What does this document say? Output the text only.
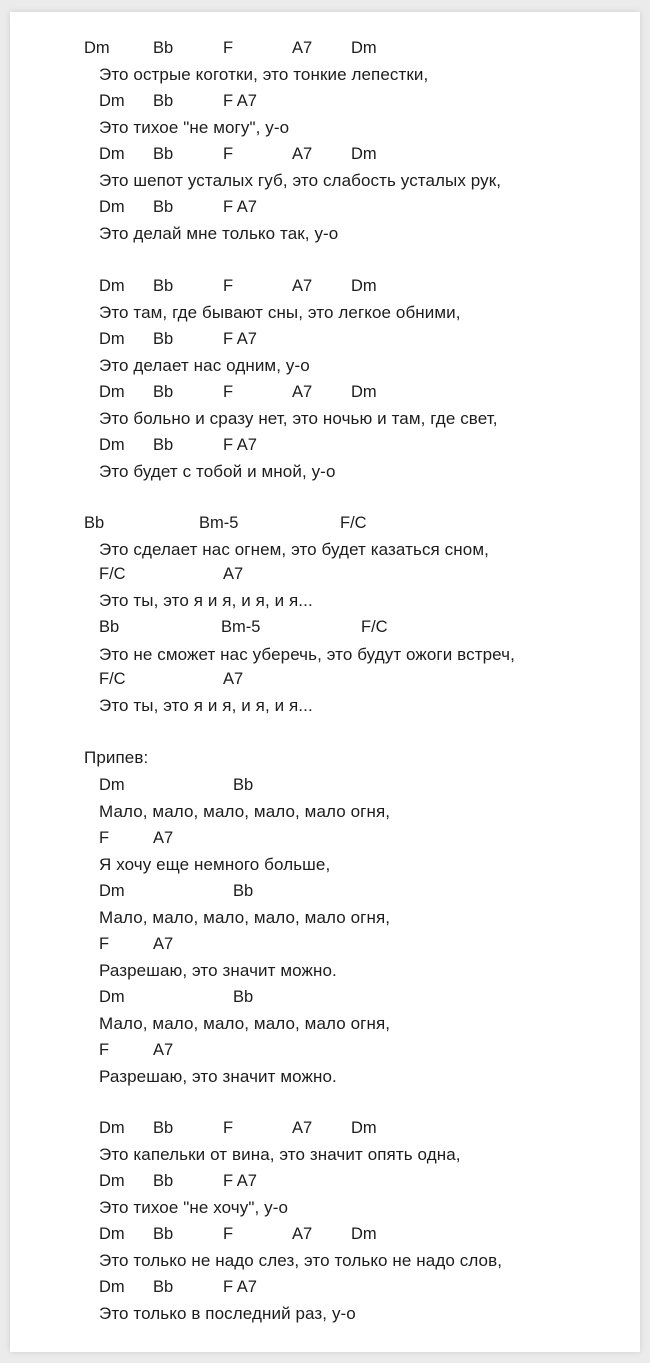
Dm	Bb	F	A7 Dm
Это острые коготки, это тонкие лепестки,
Dm Bb	F A7
Это тихое "не могу", у-о
Dm Bb	F	A7 Dm
Это шепот усталых губ, это слабость усталых рук,
Dm Bb	F A7
Это делай мне только так, у-о
Dm Bb	F	A7 Dm
Это там, где бывают сны, это легкое обними,
Dm Bb	F A7
Это делает нас одним, у-о
Dm Bb	F	A7 Dm
Это больно и сразу нет, это ночью и там, где свет,
Dm Bb	F A7
Это будет с тобой и мной, у-о
Bb	Bm-5	F/C
Это сделает нас огнем, это будет казаться сном,
F/C	A7
Это ты, это я и я, и я, и я...
Bb	Bm-5	F/C
Это не сможет нас уберечь, это будут ожоги встреч,
F/C	A7
Это ты, это я и я, и я, и я...
Припев:
Dm	Bb
Мало, мало, мало, мало, мало огня,
F	A7
Я хочу еще немного больше,
Dm	Bb
Мало, мало, мало, мало, мало огня,
F	A7
Разрешаю, это значит можно.
Dm	Bb
Мало, мало, мало, мало, мало огня,
F	A7
Разрешаю, это значит можно.
Dm Bb	F	A7 Dm
Это капельки от вина, это значит опять одна,
Dm Bb	F A7
Это тихое "не хочу", у-о
Dm Bb	F	A7 Dm
Это только не надо слез, это только не надо слов,
Dm Bb	F A7
Это только в последний раз, у-о
